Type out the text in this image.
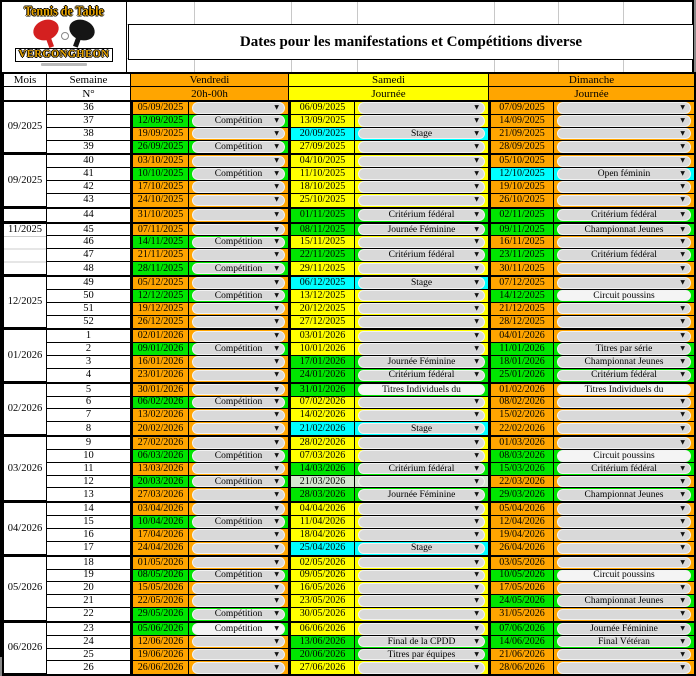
Tennis de Table
VERGONGHEON
Dates pour les manifestations et Compétitions diverse
Mois	Semaine	Vendredi	Samedi	Dimanche
N°	20h-00h	Journée	Journée
09/2025
36	05/09/2025	▼	06/09/2025	▼	07/09/2025	▼
37	12/09/2025	Compétition ▼	13/09/2025	▼	14/09/2025	▼
38	19/09/2025	▼	20/09/2025	Stage	▼	21/09/2025	▼
39	26/09/2025	Compétition ▼	27/09/2025	▼	28/09/2025	▼
09/2025
40	03/10/2025	▼	04/10/2025	▼	05/10/2025	▼
41	10/10/2025	Compétition ▼	11/10/2025	▼	12/10/2025	Open féminin	▼
42	17/10/2025	▼	18/10/2025	▼	19/10/2025	▼
43	24/10/2025	▼	25/10/2025	▼	26/10/2025	▼
44	31/10/2025	▼	01/11/2025	Critérium fédéral	▼	02/11/2025	Critérium fédéral	▼
11/2025	45	07/11/2025	▼	08/11/2025	Journée Féminine	▼	09/11/2025	Championnat Jeunes	▼
46	14/11/2025	Compétition ▼	15/11/2025	▼	16/11/2025	▼
47	21/11/2025	▼	22/11/2025	Critérium fédéral	▼	23/11/2025	Critérium fédéral	▼
48	28/11/2025	Compétition ▼	29/11/2025	▼	30/11/2025	▼
12/2025
49	05/12/2025	▼	06/12/2025	Stage	▼	07/12/2025	▼
50	12/12/2025	Compétition ▼	13/12/2025	▼	14/12/2025	Circuit poussins
51	19/12/2025	▼	20/12/2025	▼	21/12/2025	▼
52	26/12/2025	▼	27/12/2025	▼	28/12/2025	▼
01/2026
1	02/01/2026	▼	03/01/2026	▼	04/01/2026	▼
2	09/01/2026	Compétition ▼	10/01/2026	▼	11/01/2026	Titres par série	▼
3	16/01/2026	▼	17/01/2026	Journée Féminine	▼	18/01/2026	Championnat Jeunes	▼
4	23/01/2026	▼	24/01/2026	Critérium fédéral	▼	25/01/2026	Critérium fédéral	▼
02/2026
5	30/01/2026	▼	31/01/2026	Titres Individuels du	01/02/2026	Titres Individuels du
6	06/02/2026	Compétition ▼	07/02/2026	▼	08/02/2026	▼
7	13/02/2026	▼	14/02/2026	▼	15/02/2026	▼
8	20/02/2026	▼	21/02/2026	Stage	▼	22/02/2026	▼
03/2026
9	27/02/2026	▼	28/02/2026	▼	01/03/2026	▼
10	06/03/2026	Compétition ▼	07/03/2026	▼	08/03/2026	Circuit poussins
11	13/03/2026	▼	14/03/2026	Critérium fédéral	▼	15/03/2026	Critérium fédéral	▼
12	20/03/2026	Compétition ▼	21/03/2026	▼	22/03/2026	▼
13	27/03/2026	▼	28/03/2026	Journée Féminine	▼	29/03/2026	Championnat Jeunes	▼
04/2026
14	03/04/2026	▼	04/04/2026	▼	05/04/2026	▼
15	10/04/2026	Compétition ▼	11/04/2026	▼	12/04/2026	▼
16	17/04/2026	▼	18/04/2026	▼	19/04/2026	▼
17	24/04/2026	▼	25/04/2026	Stage	▼	26/04/2026	▼
05/2026
18	01/05/2026	▼	02/05/2026	▼	03/05/2026	▼
19	08/05/2026	Compétition ▼	09/05/2026	▼	10/05/2026	Circuit poussins
20	15/05/2026	▼	16/05/2026	▼	17/05/2026	▼
21	22/05/2026	▼	23/05/2026	▼	24/05/2026	Championnat Jeunes	▼
22	29/05/2026	Compétition ▼	30/05/2026	▼	31/05/2026	▼
06/2026
23	05/06/2026	Compétition ▼	06/06/2026	▼	07/06/2026	Journée Féminine	▼
24	12/06/2026	▼	13/06/2026	Final de la CPDD	▼	14/06/2026	Final Vétéran	▼
25	19/06/2026	▼	20/06/2026	Titres par équipes	▼	21/06/2026	▼
26	26/06/2026	▼	27/06/2026	▼	28/06/2026	▼
